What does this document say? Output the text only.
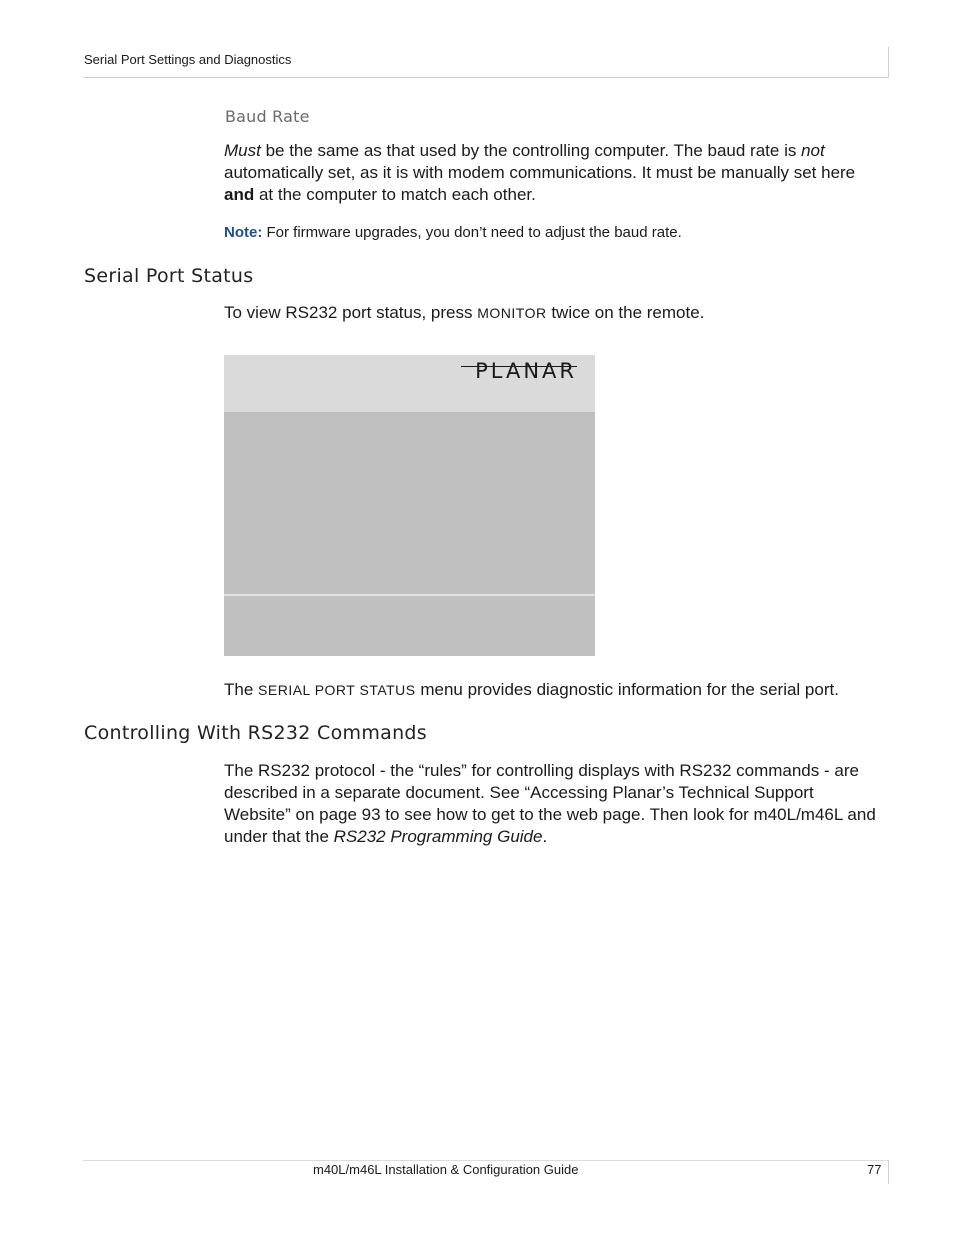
Serial Port Settings and Diagnostics
Baud Rate

Must be the same as that used by the controlling computer. The baud rate is not automatically set, as it is with modem communications. It must be manually set here and at the computer to match each other.

Note: For firmware upgrades, you don’t need to adjust the baud rate.

Serial Port Status

To view RS232 port status, press MONITOR twice on the remote.

PLANAR

The SERIAL PORT STATUS menu provides diagnostic information for the serial port.

Controlling With RS232 Commands

The RS232 protocol - the “rules” for controlling displays with RS232 commands - are described in a separate document. See “Accessing Planar’s Technical Support Website” on page 93 to see how to get to the web page. Then look for m40L/m46L and under that the RS232 Programming Guide.

m40L/m46L Installation & Configuration Guide	77
